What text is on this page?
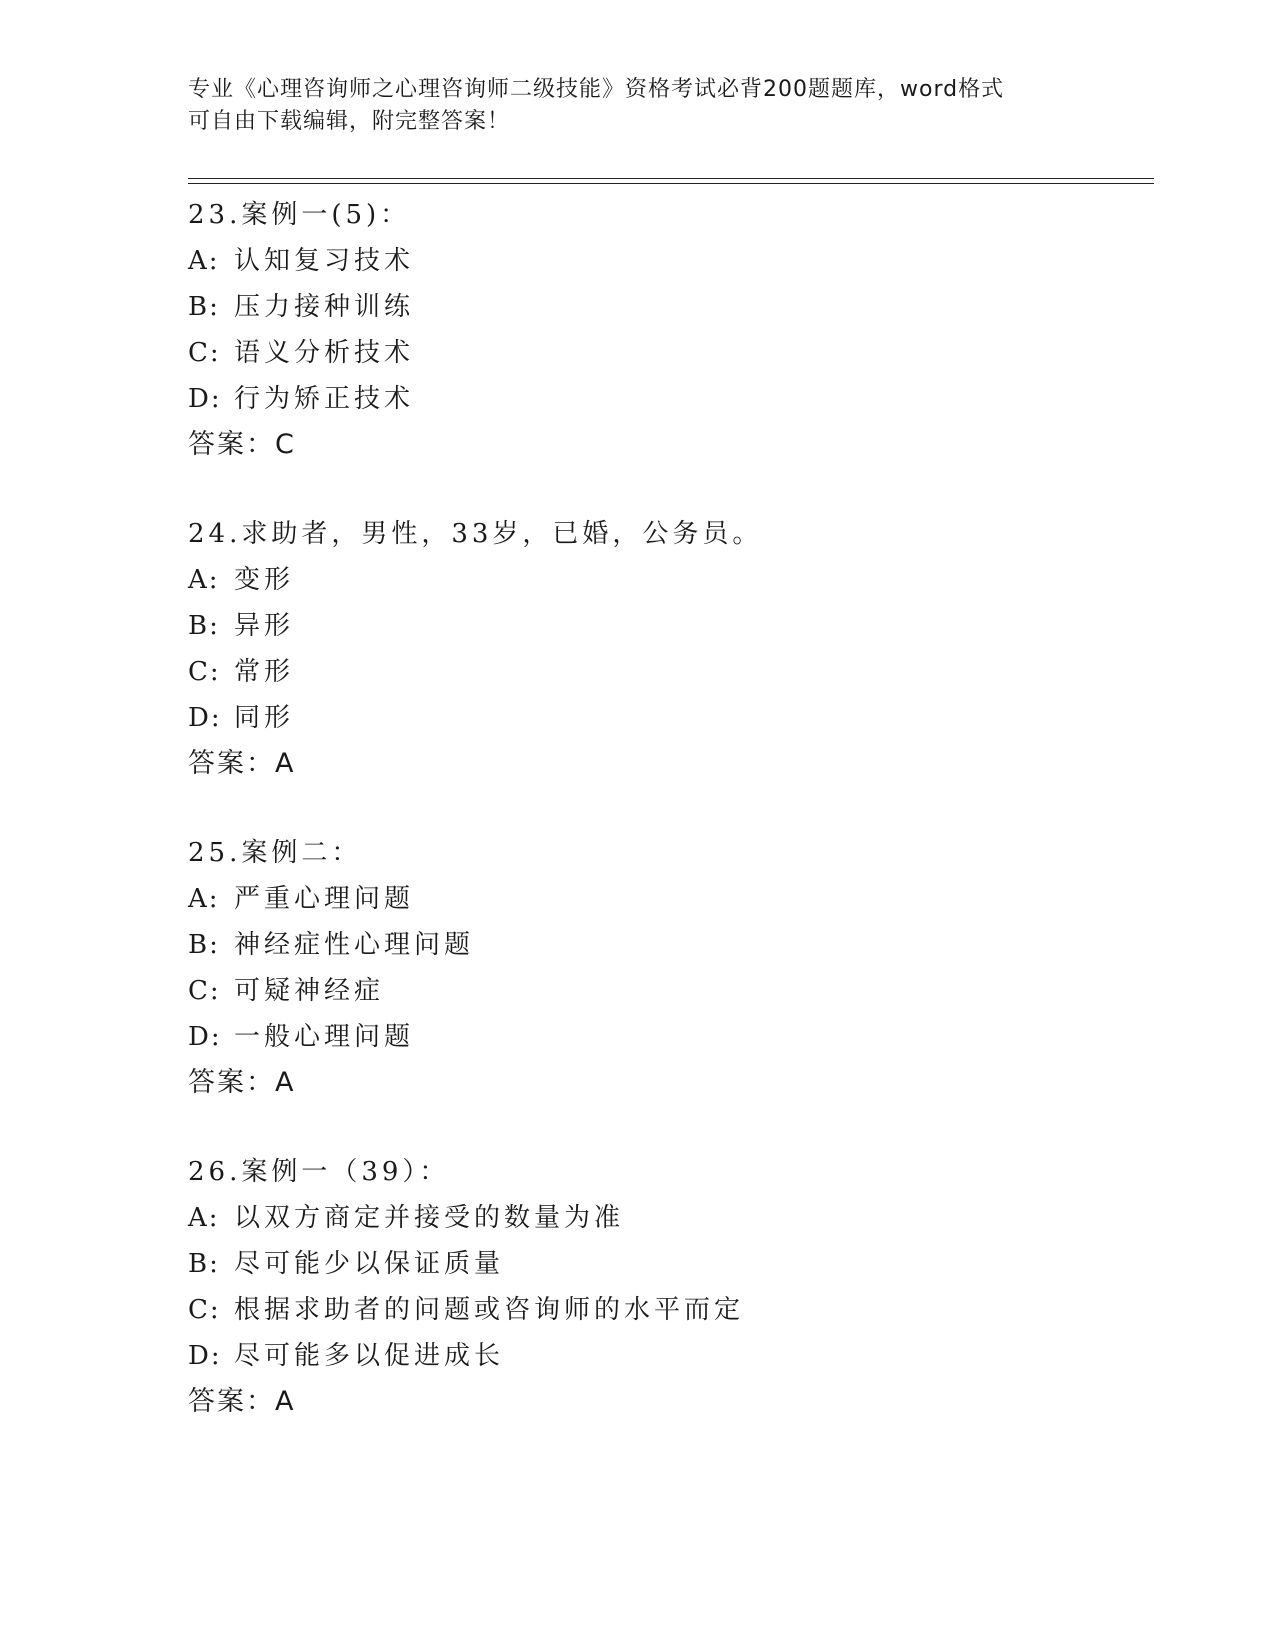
专业《心理咨询师之心理咨询师二级技能》资格考试必背200题题库，word格式
可自由下载编辑，附完整答案！
23.案例一(5)：
A: 认知复习技术
B: 压力接种训练
C: 语义分析技术
D: 行为矫正技术
答案：C
24.求助者，男性，33岁，已婚，公务员。
A: 变形
B: 异形
C: 常形
D: 同形
答案：A
25.案例二：
A: 严重心理问题
B: 神经症性心理问题
C: 可疑神经症
D: 一般心理问题
答案：A
26.案例一（39）：
A: 以双方商定并接受的数量为准
B: 尽可能少以保证质量
C: 根据求助者的问题或咨询师的水平而定
D: 尽可能多以促进成长
答案：A
